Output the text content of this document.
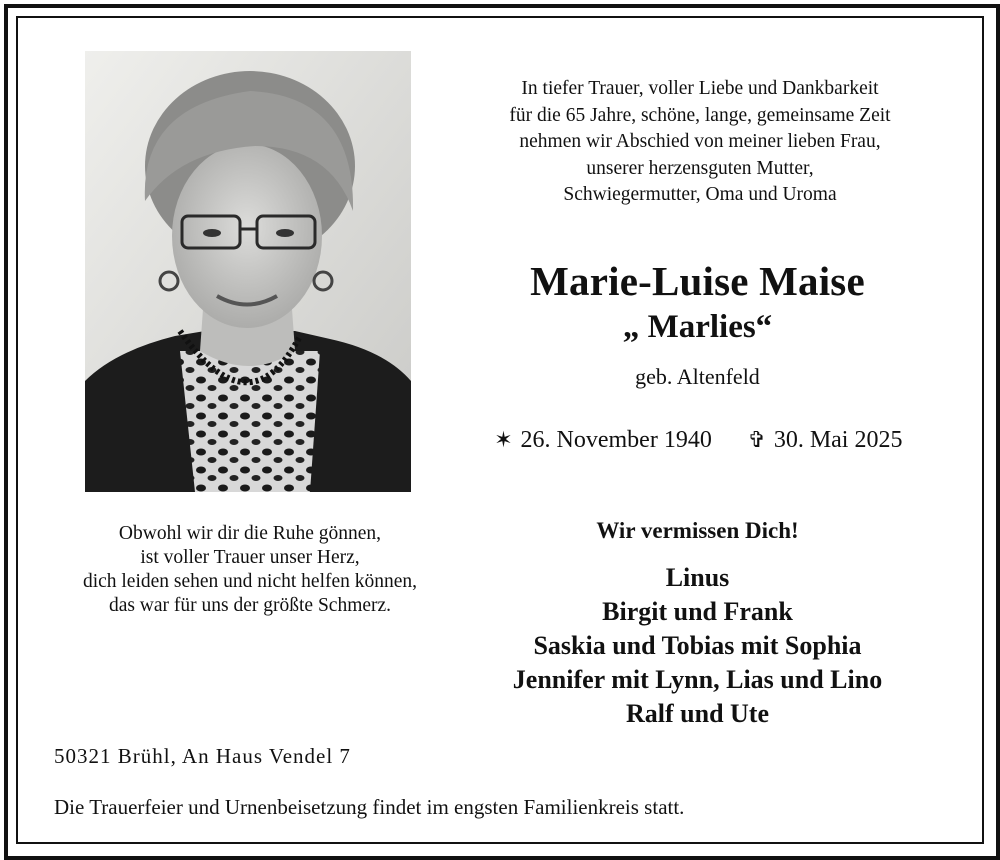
In tiefer Trauer, voller Liebe und Dankbarkeit
für die 65 Jahre, schöne, lange, gemeinsame Zeit
nehmen wir Abschied von meiner lieben Frau,
unserer herzensguten Mutter,
Schwiegermutter, Oma und Uroma
Marie-Luise Maise
„ Marlies“
geb. Altenfeld
✶ 26. November 1940 ✞ 30. Mai 2025
Obwohl wir dir die Ruhe gönnen,
ist voller Trauer unser Herz,
dich leiden sehen und nicht helfen können,
das war für uns der größte Schmerz.
Wir vermissen Dich!
Linus
Birgit und Frank
Saskia und Tobias mit Sophia
Jennifer mit Lynn, Lias und Lino
Ralf und Ute
50321 Brühl, An Haus Vendel 7
Die Trauerfeier und Urnenbeisetzung findet im engsten Familienkreis statt.
